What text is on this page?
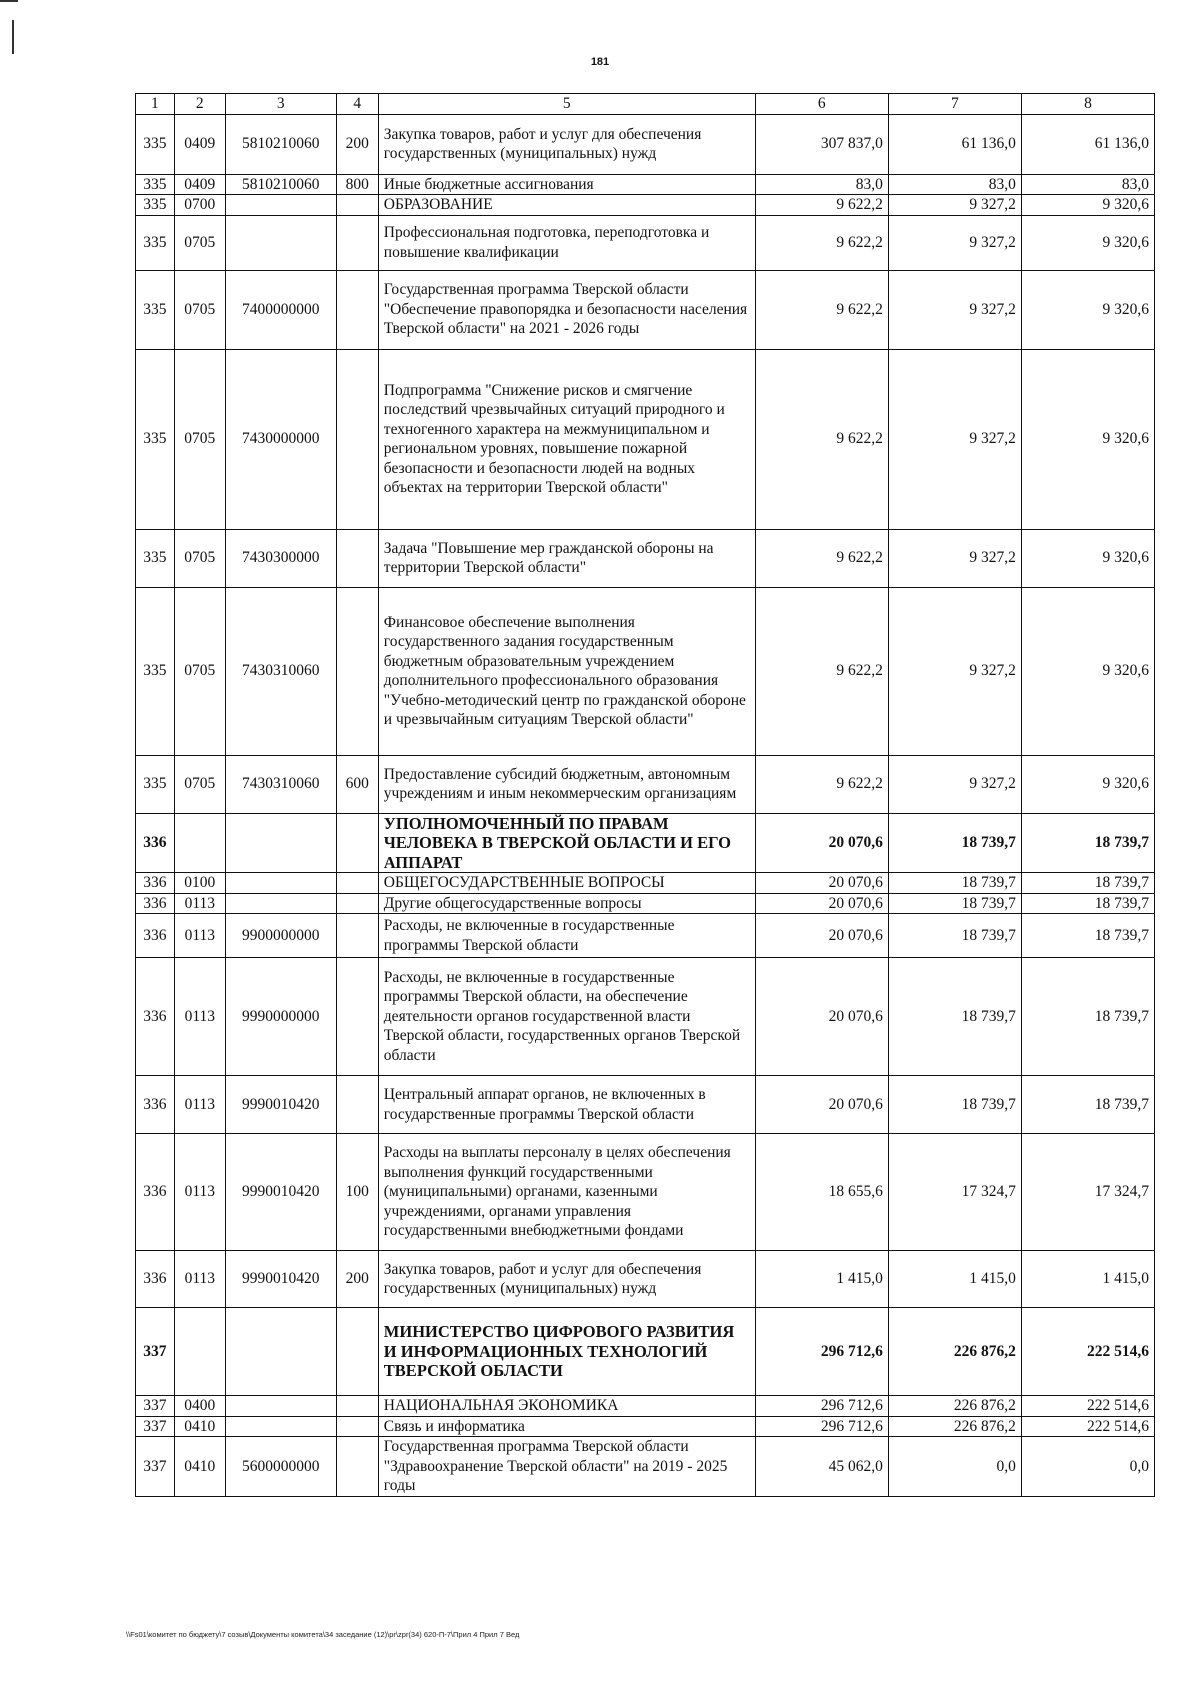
181
1	2	3	4	5	6	7	8
335	0409	5810210060	200	Закупка товаров, работ и услуг для обеспечения государственных (муниципальных) нужд	307 837,0	61 136,0	61 136,0
335	0409	5810210060	800	Иные бюджетные ассигнования	83,0	83,0	83,0
335	0700			ОБРАЗОВАНИЕ	9 622,2	9 327,2	9 320,6
335	0705			Профессиональная подготовка, переподготовка и повышение квалификации	9 622,2	9 327,2	9 320,6
335	0705	7400000000		Государственная программа Тверской области "Обеспечение правопорядка и безопасности населения Тверской области" на 2021 - 2026 годы	9 622,2	9 327,2	9 320,6
335	0705	7430000000		Подпрограмма "Снижение рисков и смягчение последствий чрезвычайных ситуаций природного и техногенного характера на межмуниципальном и региональном уровнях, повышение пожарной безопасности и безопасности людей на водных объектах на территории Тверской области"	9 622,2	9 327,2	9 320,6
335	0705	7430300000		Задача "Повышение мер гражданской обороны на территории Тверской области"	9 622,2	9 327,2	9 320,6
335	0705	7430310060		Финансовое обеспечение выполнения государственного задания государственным бюджетным образовательным учреждением дополнительного профессионального образования "Учебно-методический центр по гражданской обороне и чрезвычайным ситуациям Тверской области"	9 622,2	9 327,2	9 320,6
335	0705	7430310060	600	Предоставление субсидий бюджетным, автономным учреждениям и иным некоммерческим организациям	9 622,2	9 327,2	9 320,6
336				УПОЛНОМОЧЕННЫЙ ПО ПРАВАМ ЧЕЛОВЕКА В ТВЕРСКОЙ ОБЛАСТИ И ЕГО АППАРАТ	20 070,6	18 739,7	18 739,7
336	0100			ОБЩЕГОСУДАРСТВЕННЫЕ ВОПРОСЫ	20 070,6	18 739,7	18 739,7
336	0113			Другие общегосударственные вопросы	20 070,6	18 739,7	18 739,7
336	0113	9900000000		Расходы, не включенные в государственные программы Тверской области	20 070,6	18 739,7	18 739,7
336	0113	9990000000		Расходы, не включенные в государственные программы Тверской области, на обеспечение деятельности органов государственной власти Тверской области, государственных органов Тверской области	20 070,6	18 739,7	18 739,7
336	0113	9990010420		Центральный аппарат органов, не включенных в государственные программы Тверской области	20 070,6	18 739,7	18 739,7
336	0113	9990010420	100	Расходы на выплаты персоналу в целях обеспечения выполнения функций государственными (муниципальными) органами, казенными учреждениями, органами управления государственными внебюджетными фондами	18 655,6	17 324,7	17 324,7
336	0113	9990010420	200	Закупка товаров, работ и услуг для обеспечения государственных (муниципальных) нужд	1 415,0	1 415,0	1 415,0
337				МИНИСТЕРСТВО ЦИФРОВОГО РАЗВИТИЯ И ИНФОРМАЦИОННЫХ ТЕХНОЛОГИЙ ТВЕРСКОЙ ОБЛАСТИ	296 712,6	226 876,2	222 514,6
337	0400			НАЦИОНАЛЬНАЯ ЭКОНОМИКА	296 712,6	226 876,2	222 514,6
337	0410			Связь и информатика	296 712,6	226 876,2	222 514,6
337	0410	5600000000		Государственная программа Тверской области "Здравоохранение Тверской области" на 2019 - 2025 годы	45 062,0	0,0	0,0
\\Fs01\комитет по бюджету\7 созыв\Документы комитета\34 заседание (12)\pr\zpr(34) 620-П-7\Прил 4 Прил 7 Вед
